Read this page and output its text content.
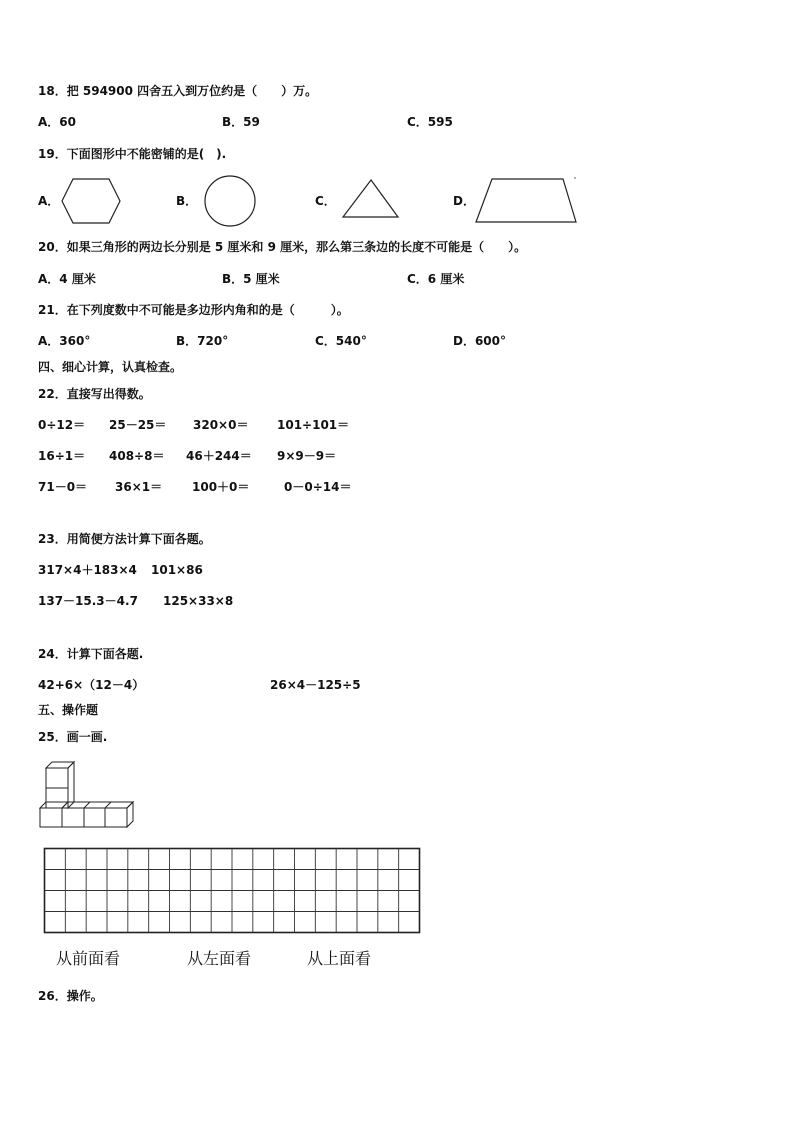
18．把 594900 四舍五入到万位约是（　　）万。
A．60	B．59	C．595
19．下面图形中不能密铺的是(　).
A．	B．	C．	D．
20．如果三角形的两边长分别是 5 厘米和 9 厘米，那么第三条边的长度不可能是（　　）。
A．4 厘米	B．5 厘米	C．6 厘米
21．在下列度数中不可能是多边形内角和的是（　　　）。
A．360°	B．720°	C．540°	D．600°
四、细心计算，认真检查。
22．直接写出得数。
0÷12＝ 25－25＝ 320×0＝ 101÷101＝
16÷1＝ 408÷8＝ 46＋244＝ 9×9－9＝
71－0＝ 36×1＝ 100＋0＝	0－0÷14＝
23．用简便方法计算下面各题。
317×4＋183×4 101×86
137－15.3－4.7 125×33×8
24．计算下面各题.
42+6×（12－4）	26×4－125÷5
五、操作题
25．画一画.
从前面看	从左面看	从上面看
26．操作。
